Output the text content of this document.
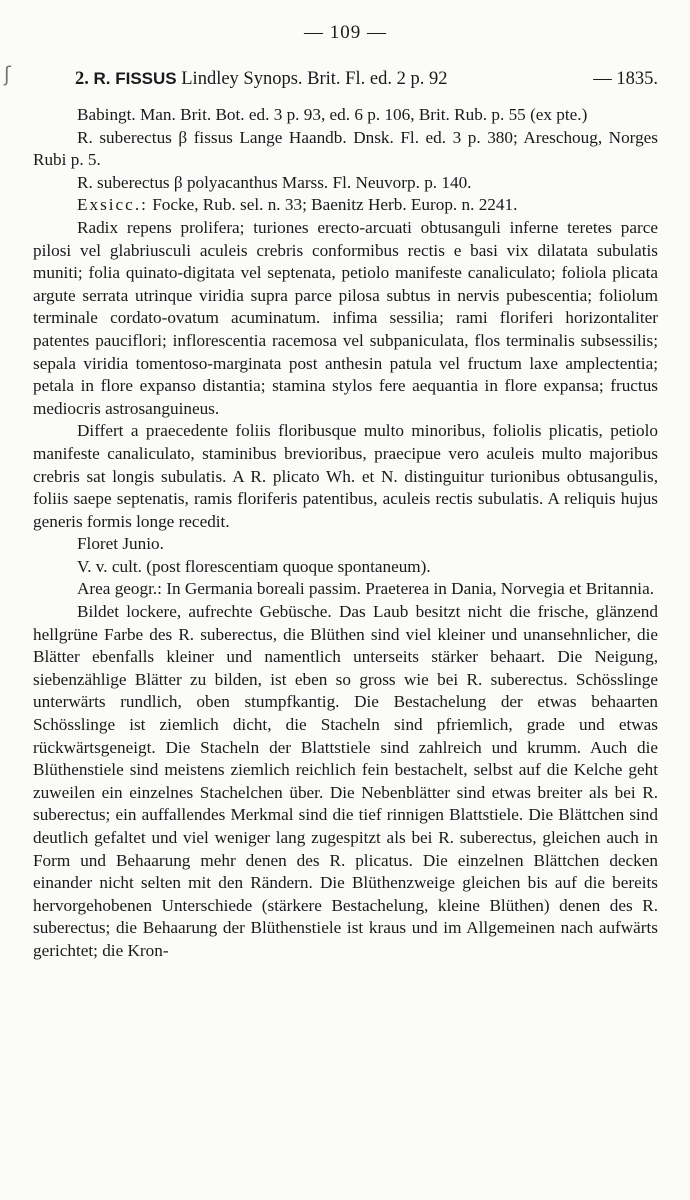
ʃ
— 109 —
2. R. FISSUS Lindley Synops. Brit. Fl. ed. 2 p. 92	— 1835.

Babingt. Man. Brit. Bot. ed. 3 p. 93, ed. 6 p. 106, Brit. Rub. p. 55 (ex pte.)

R. suberectus β fissus Lange Haandb. Dnsk. Fl. ed. 3 p. 380; Areschoug, Norges Rubi p. 5.

R. suberectus β polyacanthus Marss. Fl. Neuvorp. p. 140.

Exsicc.: Focke, Rub. sel. n. 33; Baenitz Herb. Europ. n. 2241.

Radix repens prolifera; turiones erecto-arcuati obtusanguli inferne teretes parce pilosi vel glabriusculi aculeis crebris conformibus rectis e basi vix dilatata subulatis muniti; folia quinato-digitata vel septenata, petiolo manifeste canaliculato; foliola plicata argute serrata utrinque viridia supra parce pilosa subtus in nervis pubescentia; foliolum terminale cordato-ovatum acuminatum. infima sessilia; rami floriferi horizontaliter patentes pauciflori; inflorescentia racemosa vel subpaniculata, flos terminalis subsessilis; sepala viridia tomentoso-marginata post anthesin patula vel fructum laxe amplectentia; petala in flore expanso distantia; stamina stylos fere aequantia in flore expansa; fructus mediocris astrosanguineus.

Differt a praecedente foliis floribusque multo minoribus, foliolis plicatis, petiolo manifeste canaliculato, staminibus brevioribus, praecipue vero aculeis multo majoribus crebris sat longis subulatis. A R. plicato Wh. et N. distinguitur turionibus obtusangulis, foliis saepe septenatis, ramis floriferis patentibus, aculeis rectis subulatis. A reliquis hujus generis formis longe recedit.

Floret Junio.

V. v. cult. (post florescentiam quoque spontaneum).

Area geogr.: In Germania boreali passim. Praeterea in Dania, Norvegia et Britannia.

Bildet lockere, aufrechte Gebüsche. Das Laub besitzt nicht die frische, glänzend hellgrüne Farbe des R. suberectus, die Blüthen sind viel kleiner und unansehnlicher, die Blätter ebenfalls kleiner und namentlich unterseits stärker behaart. Die Neigung, siebenzählige Blätter zu bilden, ist eben so gross wie bei R. suberectus. Schösslinge unterwärts rundlich, oben stumpfkantig. Die Bestachelung der etwas behaarten Schösslinge ist ziemlich dicht, die Stacheln sind pfriemlich, grade und etwas rückwärtsgeneigt. Die Stacheln der Blattstiele sind zahlreich und krumm. Auch die Blüthenstiele sind meistens ziemlich reichlich fein bestachelt, selbst auf die Kelche geht zuweilen ein einzelnes Stachelchen über. Die Nebenblätter sind etwas breiter als bei R. suberectus; ein auffallendes Merkmal sind die tief rinnigen Blattstiele. Die Blättchen sind deutlich gefaltet und viel weniger lang zugespitzt als bei R. suberectus, gleichen auch in Form und Behaarung mehr denen des R. plicatus. Die einzelnen Blättchen decken einander nicht selten mit den Rändern. Die Blüthenzweige gleichen bis auf die bereits hervorgehobenen Unterschiede (stärkere Bestachelung, kleine Blüthen) denen des R. suberectus; die Behaarung der Blüthenstiele ist kraus und im Allgemeinen nach aufwärts gerichtet; die Kron-
